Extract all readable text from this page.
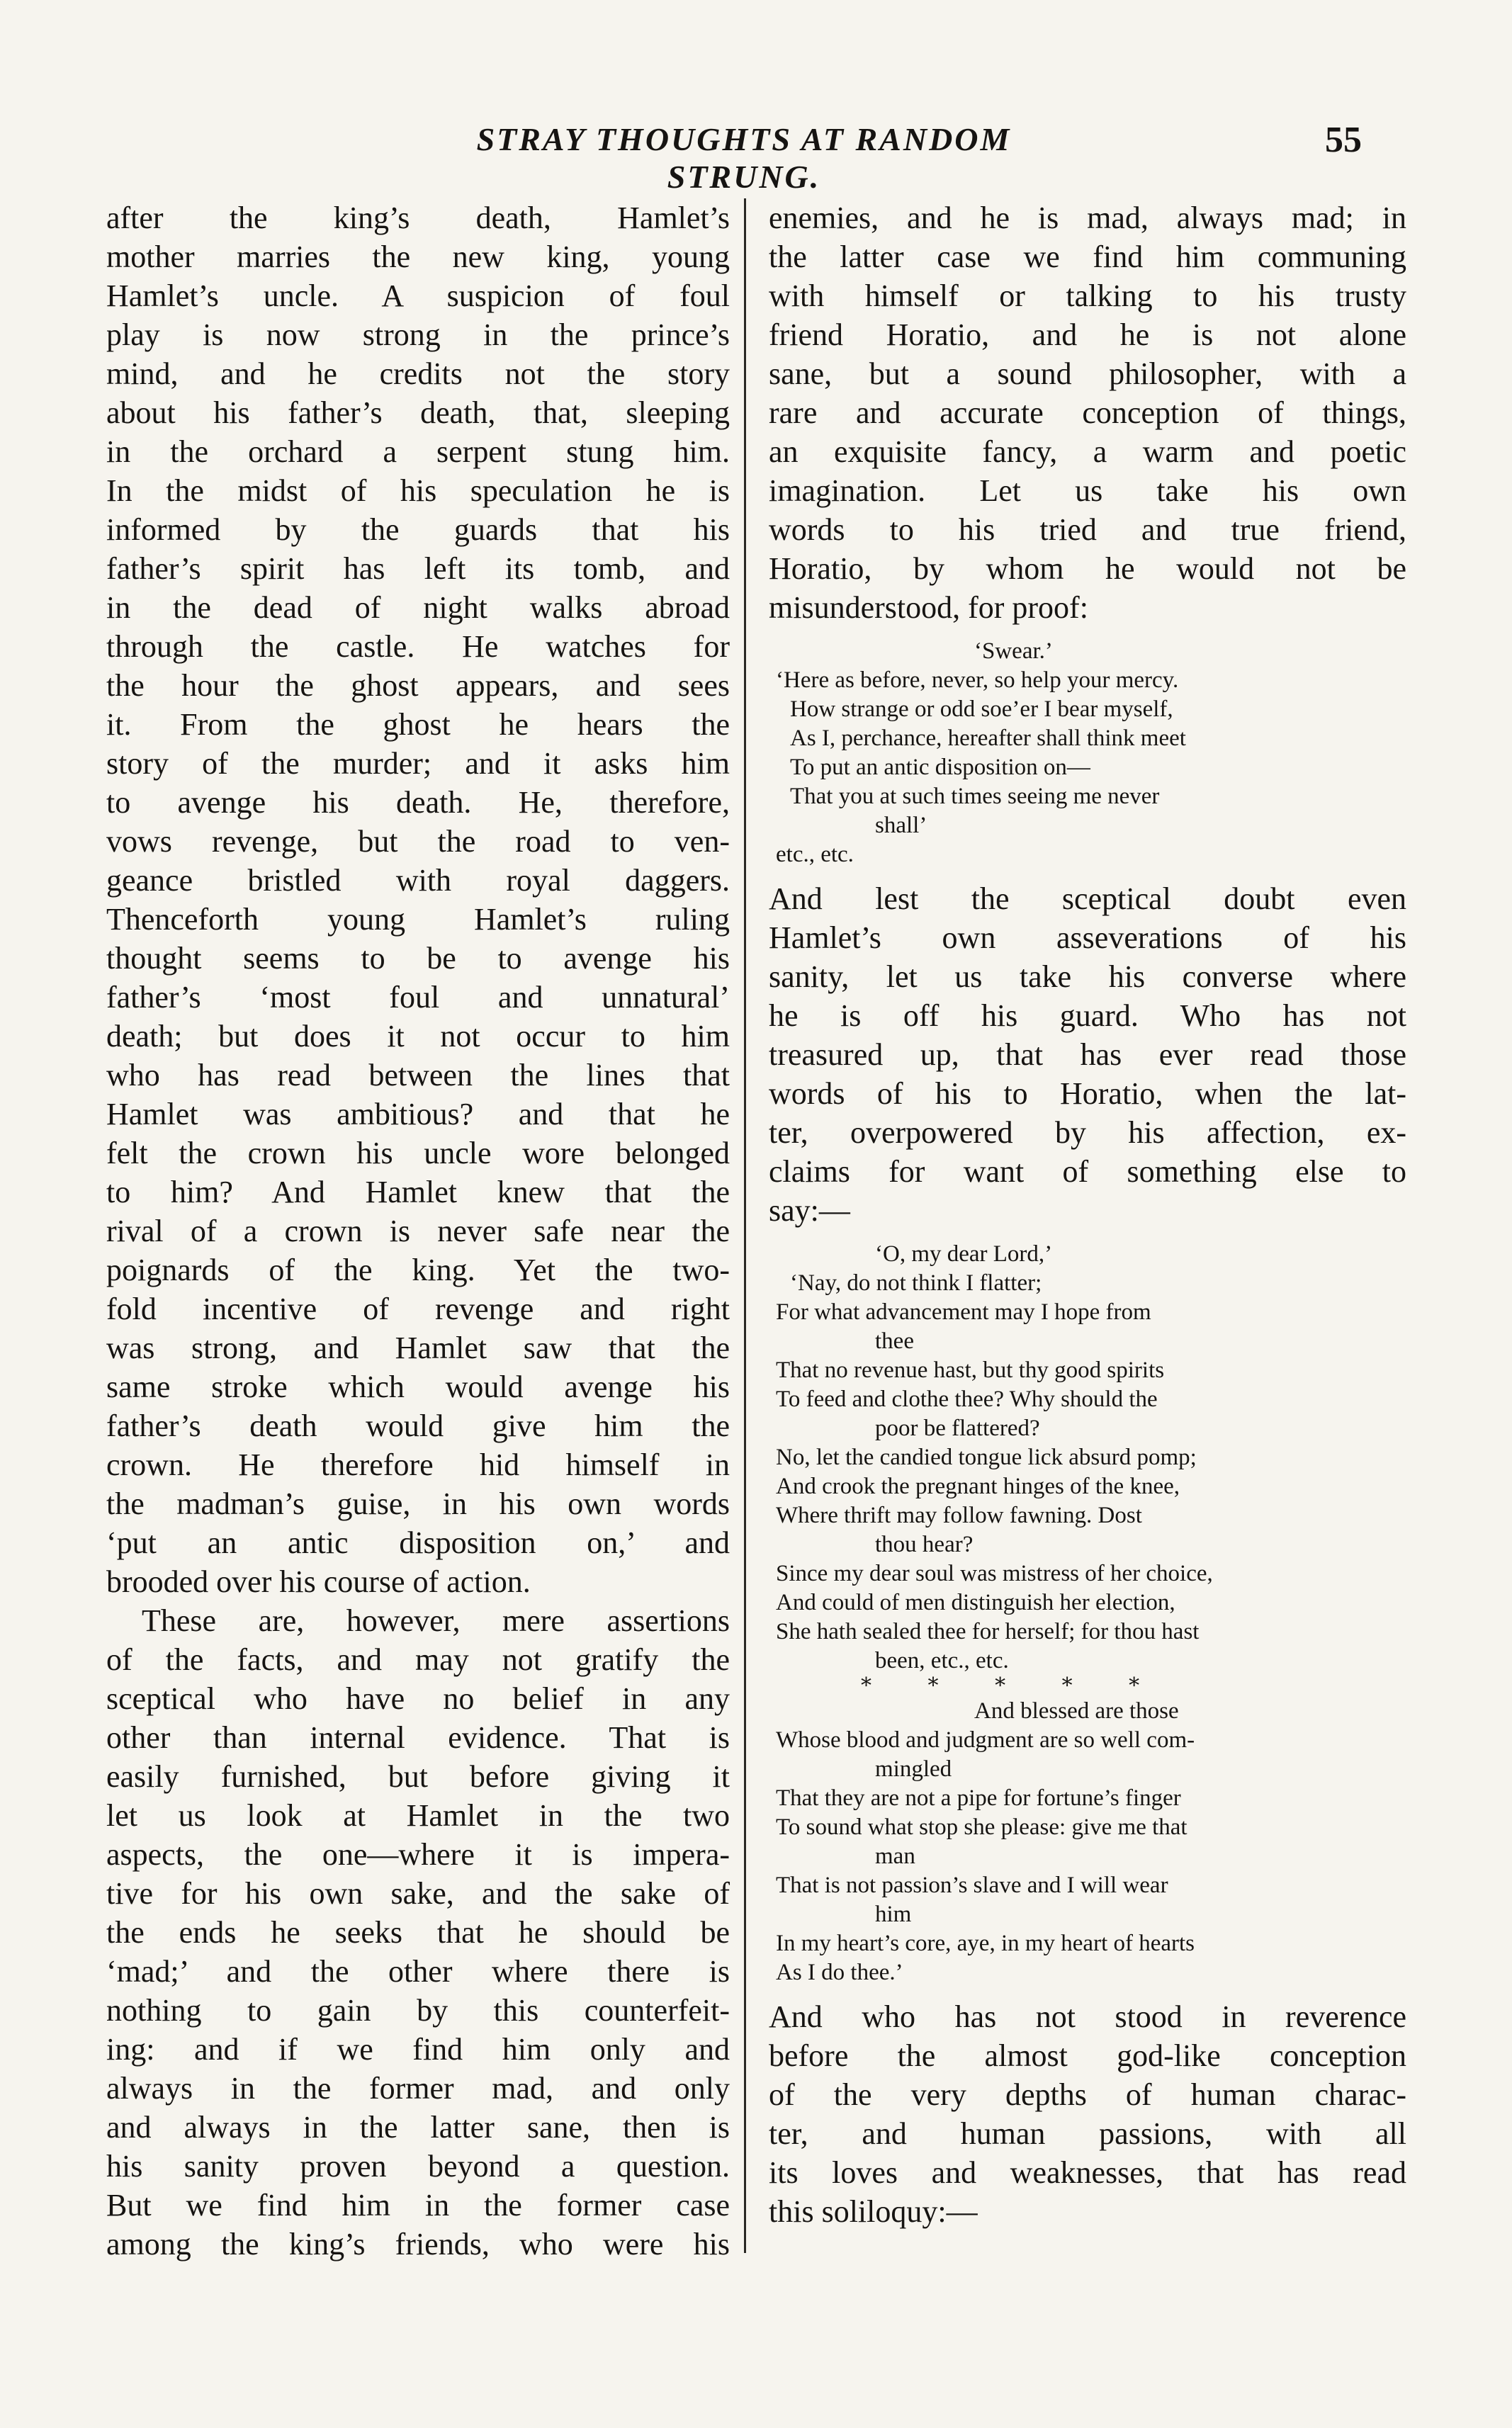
STRAY THOUGHTS AT RANDOM STRUNG.
55
after the king’s death, Hamlet’s
mother marries the new king, young
Hamlet’s uncle. A suspicion of foul
play is now strong in the prince’s
mind, and he credits not the story
about his father’s death, that, sleeping
in the orchard a serpent stung him.
In the midst of his speculation he is
informed by the guards that his
father’s spirit has left its tomb, and
in the dead of night walks abroad
through the castle. He watches for
the hour the ghost appears, and sees
it. From the ghost he hears the
story of the murder; and it asks him
to avenge his death. He, therefore,
vows revenge, but the road to ven-
geance bristled with royal daggers.
Thenceforth young Hamlet’s ruling
thought seems to be to avenge his
father’s ‘most foul and unnatural’
death; but does it not occur to him
who has read between the lines that
Hamlet was ambitious? and that he
felt the crown his uncle wore belonged
to him? And Hamlet knew that the
rival of a crown is never safe near the
poignards of the king. Yet the two-
fold incentive of revenge and right
was strong, and Hamlet saw that the
same stroke which would avenge his
father’s death would give him the
crown. He therefore hid himself in
the madman’s guise, in his own words
‘put an antic disposition on,’ and
brooded over his course of action.
These are, however, mere assertions
of the facts, and may not gratify the
sceptical who have no belief in any
other than internal evidence. That is
easily furnished, but before giving it
let us look at Hamlet in the two
aspects, the one—where it is impera-
tive for his own sake, and the sake of
the ends he seeks that he should be
‘mad;’ and the other where there is
nothing to gain by this counterfeit-
ing: and if we find him only and
always in the former mad, and only
and always in the latter sane, then is
his sanity proven beyond a question.
But we find him in the former case
among the king’s friends, who were his
enemies, and he is mad, always mad; in
the latter case we find him communing
with himself or talking to his trusty
friend Horatio, and he is not alone
sane, but a sound philosopher, with a
rare and accurate conception of things,
an exquisite fancy, a warm and poetic
imagination. Let us take his own
words to his tried and true friend,
Horatio, by whom he would not be
misunderstood, for proof:
‘Swear.’
‘Here as before, never, so help your mercy.
How strange or odd soe’er I bear myself,
As I, perchance, hereafter shall think meet
To put an antic disposition on—
That you at such times seeing me never
shall’
etc., etc.
And lest the sceptical doubt even
Hamlet’s own asseverations of his
sanity, let us take his converse where
he is off his guard. Who has not
treasured up, that has ever read those
words of his to Horatio, when the lat-
ter, overpowered by his affection, ex-
claims for want of something else to
say:—
‘O, my dear Lord,’
‘Nay, do not think I flatter;
For what advancement may I hope from
thee
That no revenue hast, but thy good spirits
To feed and clothe thee? Why should the
poor be flattered?
No, let the candied tongue lick absurd pomp;
And crook the pregnant hinges of the knee,
Where thrift may follow fawning. Dost
thou hear?
Since my dear soul was mistress of her choice,
And could of men distinguish her election,
She hath sealed thee for herself; for thou hast
been, etc., etc.
* * * * *
And blessed are those
Whose blood and judgment are so well com-
mingled
That they are not a pipe for fortune’s finger
To sound what stop she please: give me that
man
That is not passion’s slave and I will wear
him
In my heart’s core, aye, in my heart of hearts
As I do thee.’
And who has not stood in reverence
before the almost god-like conception
of the very depths of human charac-
ter, and human passions, with all
its loves and weaknesses, that has read
this soliloquy:—
